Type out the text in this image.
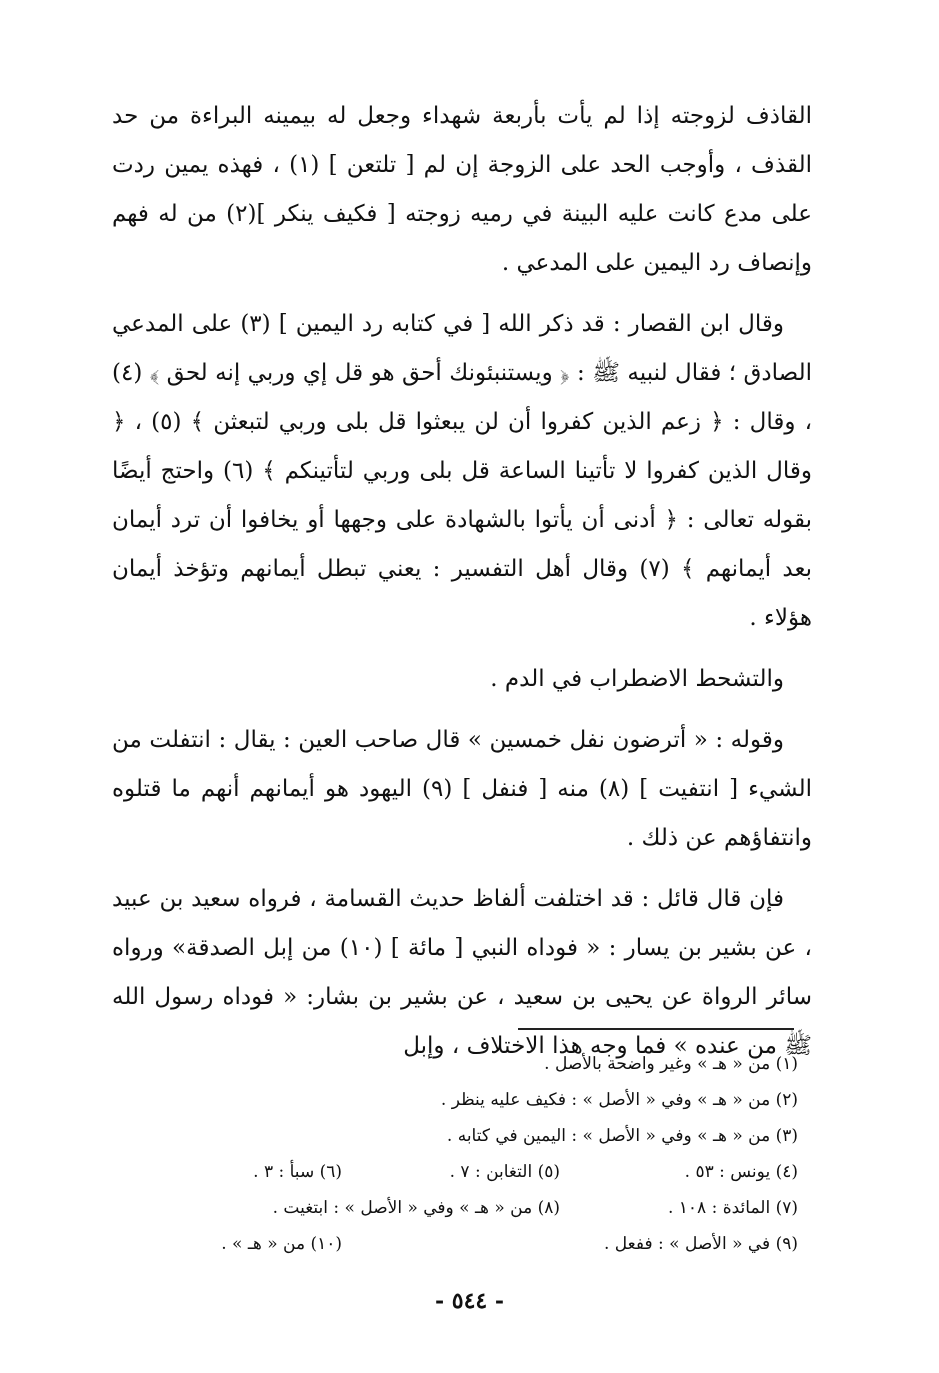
القاذف لزوجته إذا لم يأت بأربعة شهداء وجعل له بيمينه البراءة من حد القذف ، وأوجب الحد على الزوجة إن لم [ تلتعن ] (١) ، فهذه يمين ردت على مدع كانت عليه البينة في رميه زوجته [ فكيف ينكر ](٢) من له فهم وإنصاف رد اليمين على المدعي .

وقال ابن القصار : قد ذكر الله [ في كتابه رد اليمين ] (٣) على المدعي الصادق ؛ فقال لنبيه ﷺ : ﴿ ويستنبئونك أحق هو قل إي وربي إنه لحق ﴾ (٤) ، وقال : ﴿ زعم الذين كفروا أن لن يبعثوا قل بلى وربي لتبعثن ﴾ (٥) ، ﴿ وقال الذين كفروا لا تأتينا الساعة قل بلى وربي لتأتينكم ﴾ (٦) واحتج أيضًا بقوله تعالى : ﴿ أدنى أن يأتوا بالشهادة على وجهها أو يخافوا أن ترد أيمان بعد أيمانهم ﴾ (٧) وقال أهل التفسير : يعني تبطل أيمانهم وتؤخذ أيمان هؤلاء .

والتشحط الاضطراب في الدم .

وقوله : « أترضون نفل خمسين » قال صاحب العين : يقال : انتفلت من الشيء [ انتفيت ] (٨) منه [ فنفل ] (٩) اليهود هو أيمانهم أنهم ما قتلوه وانتفاؤهم عن ذلك .

فإن قال قائل : قد اختلفت ألفاظ حديث القسامة ، فرواه سعيد بن عبيد ، عن بشير بن يسار : « فوداه النبي [ مائة ] (١٠) من إبل الصدقة» ورواه سائر الرواة عن يحيى بن سعيد ، عن بشير بن بشار: « فوداه رسول الله ﷺ من عنده » فما وجه هذا الاختلاف ، وإبل

(١) من « هـ » وغير واضحة بالأصل .
(٢) من « هـ » وفي « الأصل » : فكيف عليه ينظر .
(٣) من « هـ » وفي « الأصل » : اليمين في كتابه .
(٤) يونس : ٥٣ .
(٥) التغابن : ٧ .
(٦) سبأ : ٣ .
(٧) المائدة : ١٠٨ .
(٨) من « هـ » وفي « الأصل » : ابتغيت .
(٩) في « الأصل » : ففعل .
(١٠) من « هـ » .
- ٥٤٤ -
